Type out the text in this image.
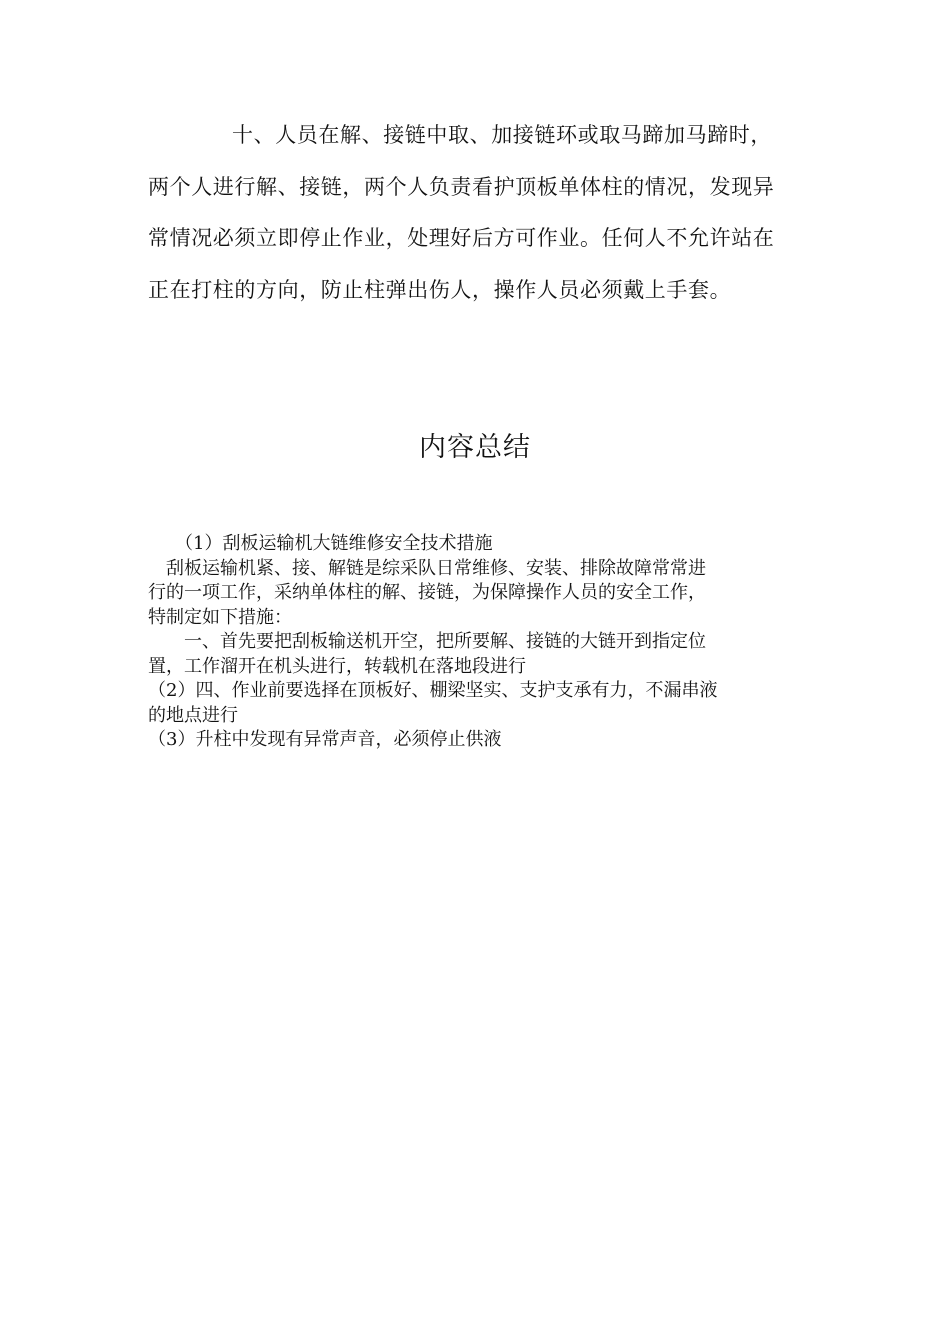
十、人员在解、接链中取、加接链环或取马蹄加马蹄时，
两个人进行解、接链，两个人负责看护顶板单体柱的情况，发现异
常情况必须立即停止作业，处理好后方可作业。任何人不允许站在
正在打柱的方向，防止柱弹出伤人，操作人员必须戴上手套。
内容总结
　　（1）刮板运输机大链维修安全技术措施
　刮板运输机紧、接、解链是综采队日常维修、安装、排除故障常常进
行的一项工作，采纳单体柱的解、接链，为保障操作人员的安全工作，
特制定如下措施：
　　一、首先要把刮板输送机开空，把所要解、接链的大链开到指定位
置，工作溜开在机头进行，转载机在落地段进行
（2）四、作业前要选择在顶板好、棚梁坚实、支护支承有力，不漏串液
的地点进行
（3）升柱中发现有异常声音，必须停止供液
